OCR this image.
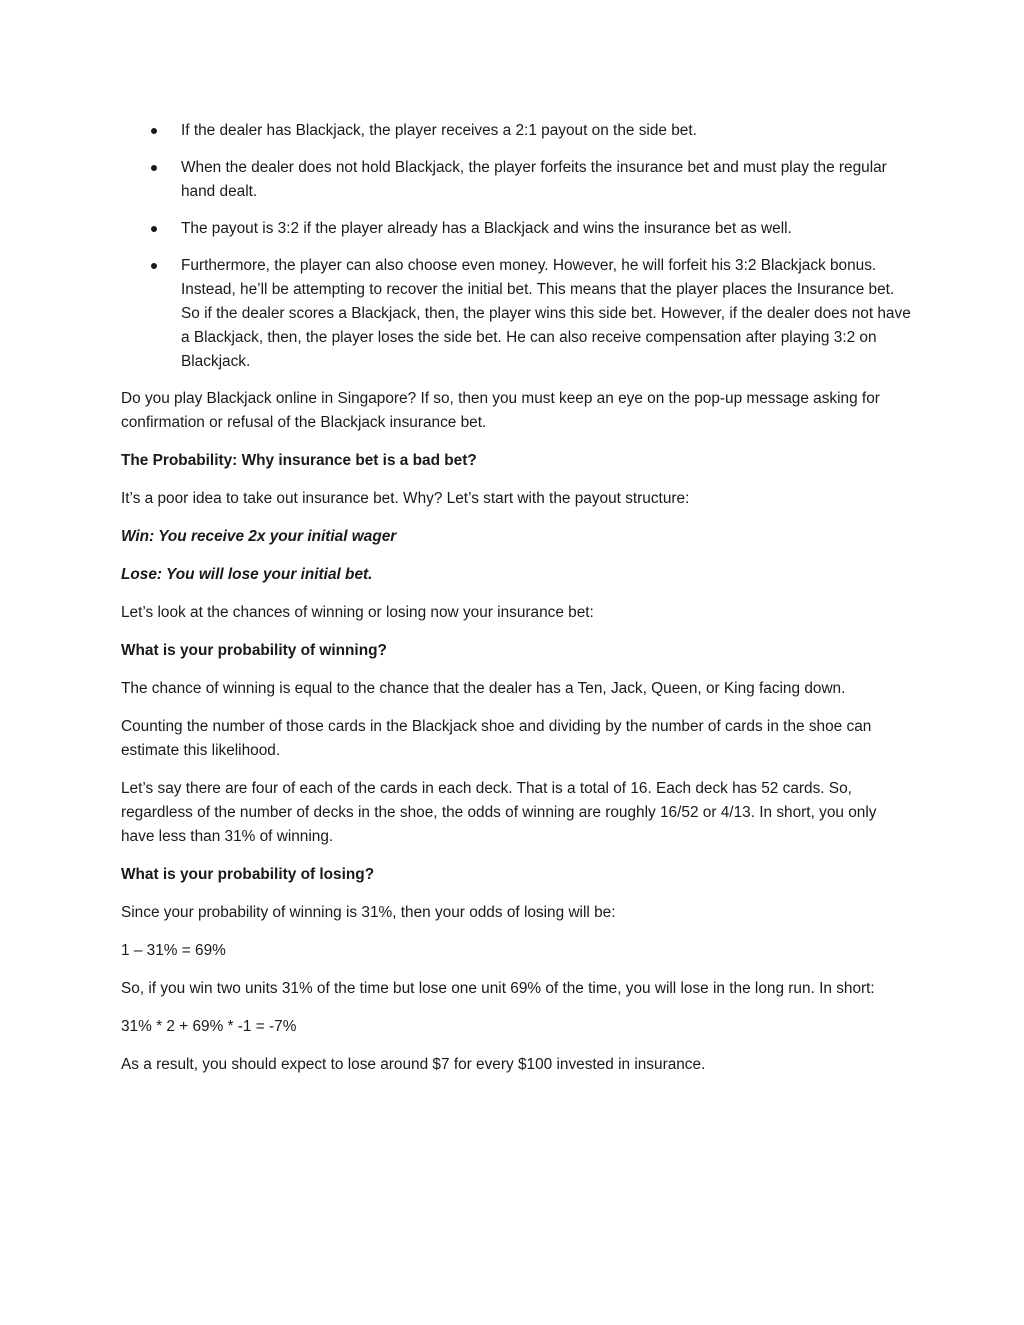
If the dealer has Blackjack, the player receives a 2:1 payout on the side bet.
When the dealer does not hold Blackjack, the player forfeits the insurance bet and must play the regular hand dealt.
The payout is 3:2 if the player already has a Blackjack and wins the insurance bet as well.
Furthermore, the player can also choose even money. However, he will forfeit his 3:2 Blackjack bonus. Instead, he’ll be attempting to recover the initial bet. This means that the player places the Insurance bet. So if the dealer scores a Blackjack, then, the player wins this side bet. However, if the dealer does not have a Blackjack, then, the player loses the side bet. He can also receive compensation after playing 3:2 on Blackjack.

Do you play Blackjack online in Singapore? If so, then you must keep an eye on the pop-up message asking for confirmation or refusal of the Blackjack insurance bet.

The Probability: Why insurance bet is a bad bet?

It’s a poor idea to take out insurance bet. Why? Let’s start with the payout structure:

Win: You receive 2x your initial wager

Lose: You will lose your initial bet.

Let’s look at the chances of winning or losing now your insurance bet:

What is your probability of winning?

The chance of winning is equal to the chance that the dealer has a Ten, Jack, Queen, or King facing down.

Counting the number of those cards in the Blackjack shoe and dividing by the number of cards in the shoe can estimate this likelihood.

Let’s say there are four of each of the cards in each deck. That is a total of 16. Each deck has 52 cards. So, regardless of the number of decks in the shoe, the odds of winning are roughly 16/52 or 4/13. In short, you only have less than 31% of winning.

What is your probability of losing?

Since your probability of winning is 31%, then your odds of losing will be:

1 – 31% = 69%

So, if you win two units 31% of the time but lose one unit 69% of the time, you will lose in the long run. In short:

31% * 2 + 69% * -1 = -7%

As a result, you should expect to lose around $7 for every $100 invested in insurance.
